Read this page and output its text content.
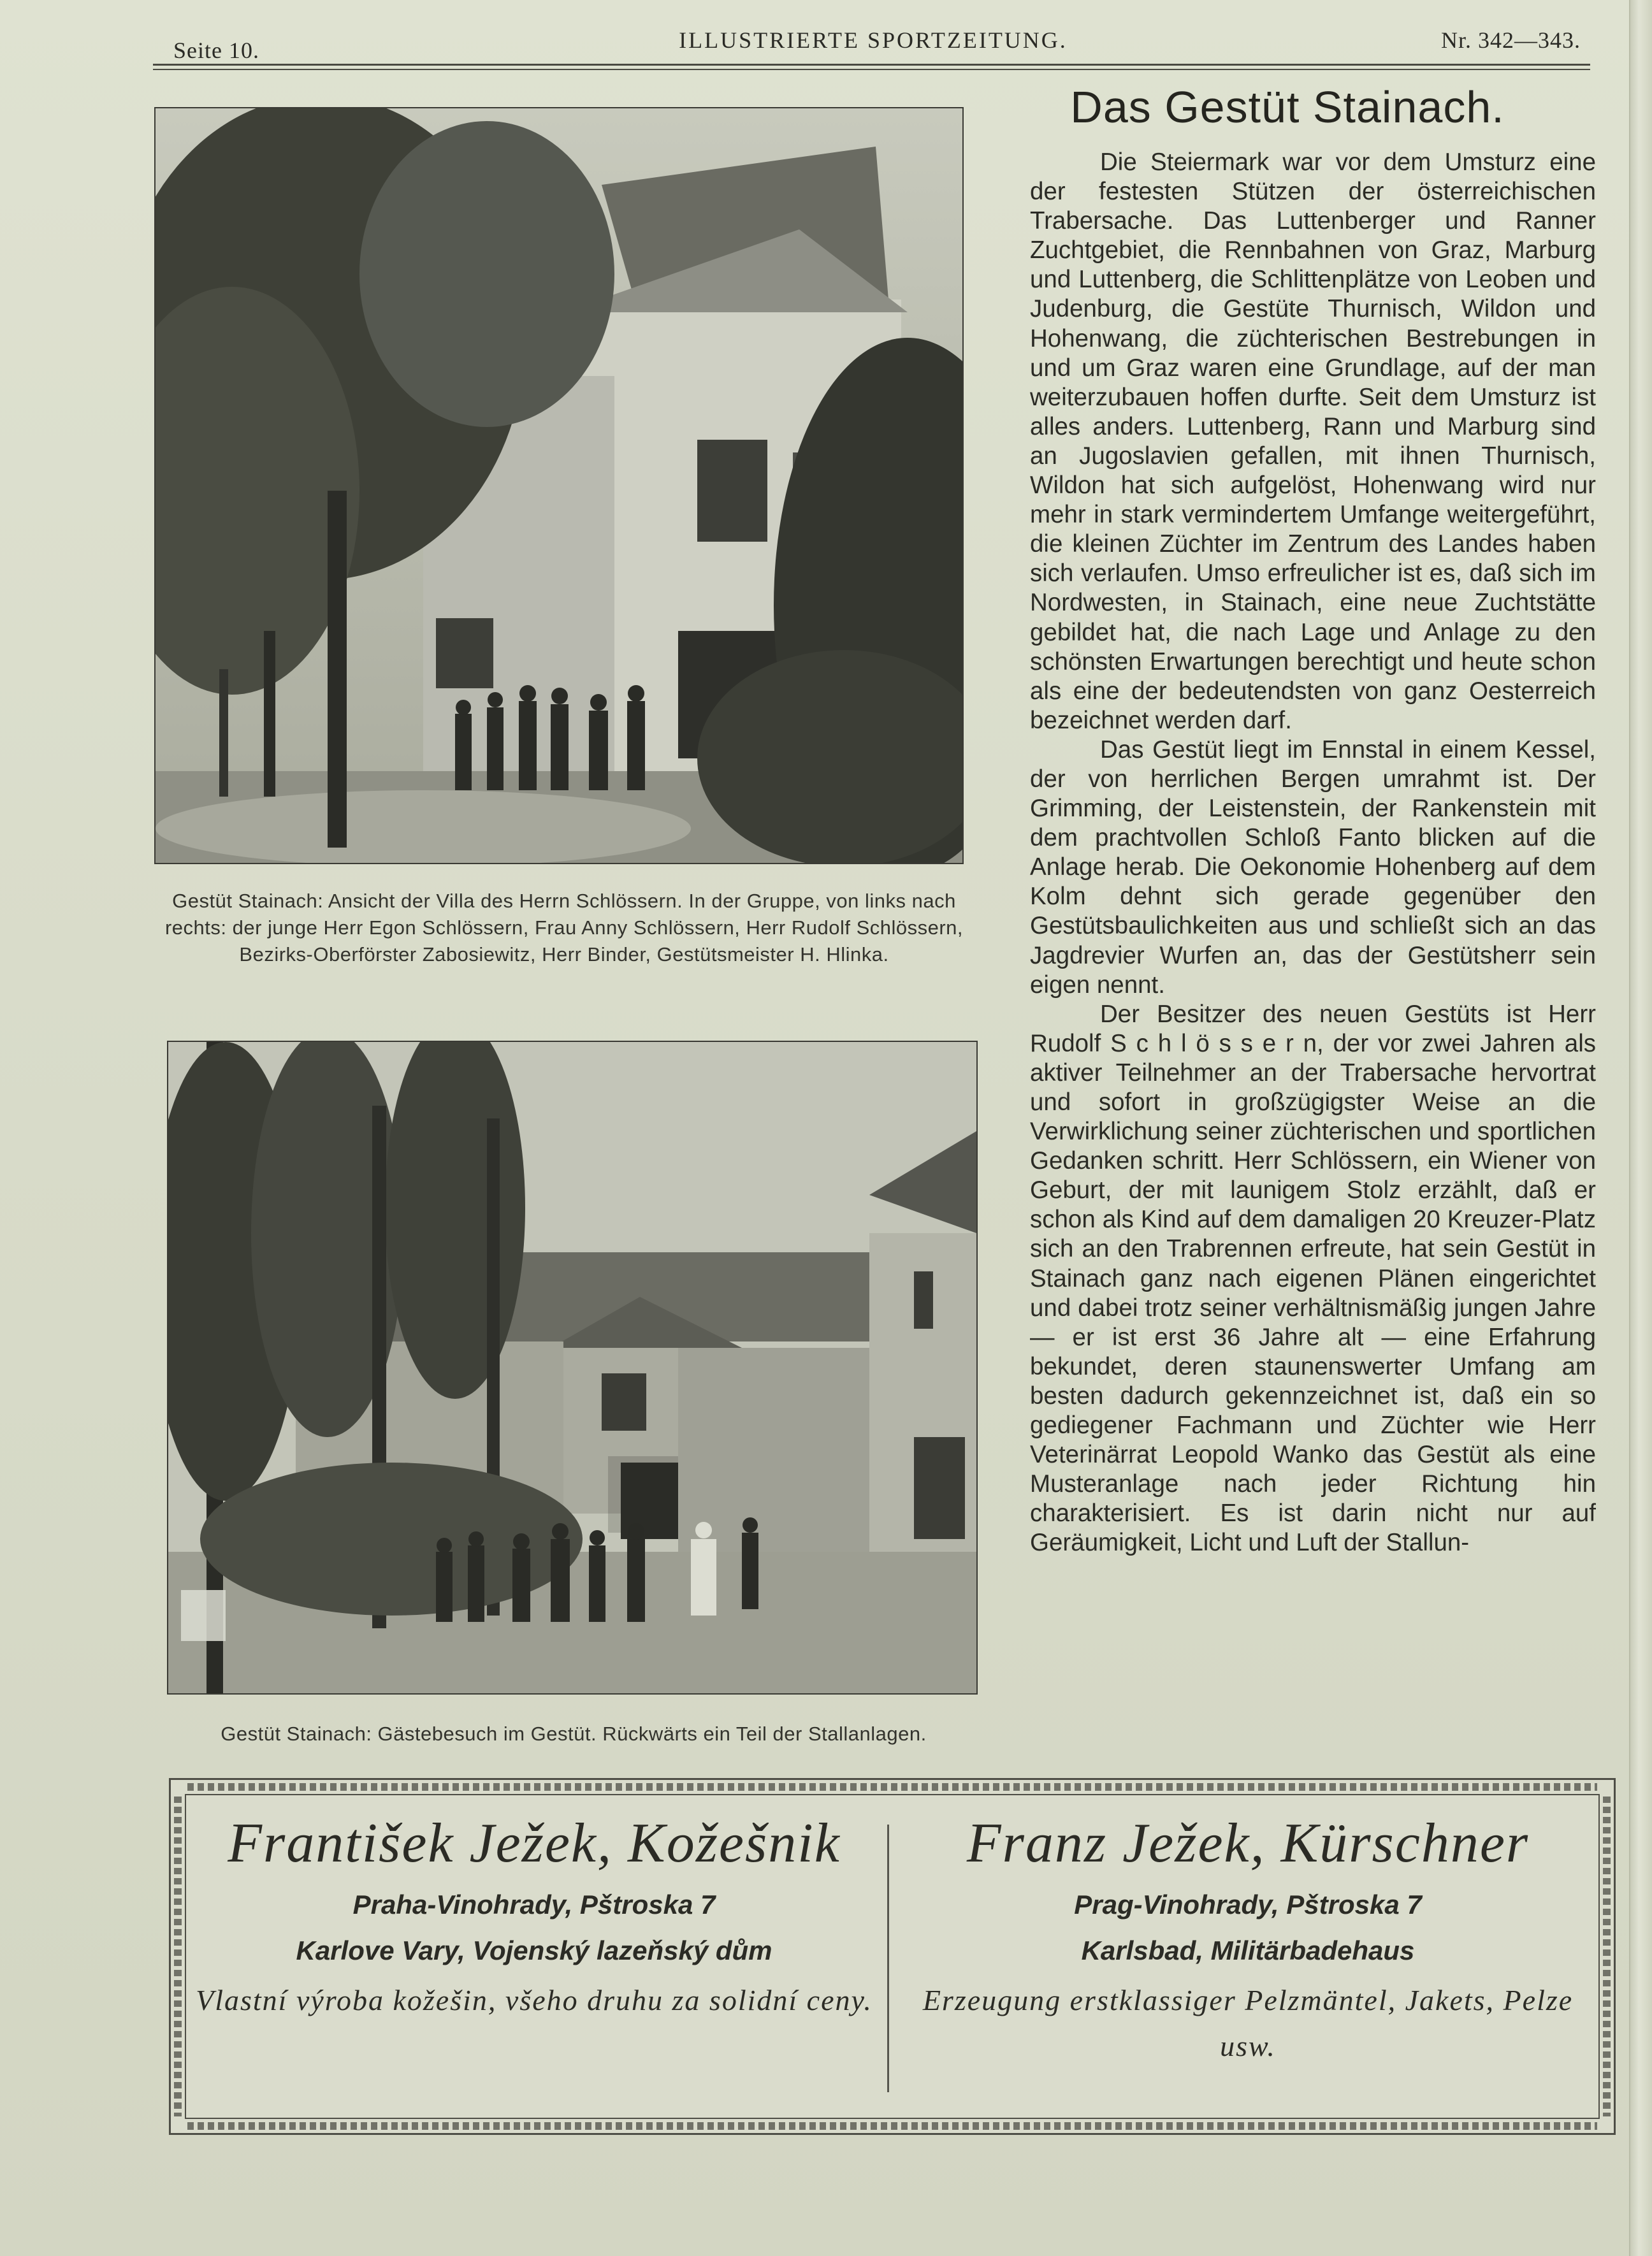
Seite 10.	ILLUSTRIERTE SPORTZEITUNG.	Nr. 342—343.
Gestüt Stainach: Ansicht der Villa des Herrn Schlössern. In der Gruppe, von links nach rechts: der junge Herr Egon Schlössern, Frau Anny Schlössern, Herr Rudolf Schlössern, Bezirks-Oberförster Zabosiewitz, Herr Binder, Gestütsmeister H. Hlinka.
Gestüt Stainach: Gästebesuch im Gestüt. Rückwärts ein Teil der Stallanlagen.
Das Gestüt Stainach.

Die Steiermark war vor dem Umsturz eine der festesten Stützen der österreichischen Trabersache. Das Luttenberger und Ranner Zuchtgebiet, die Rennbahnen von Graz, Marburg und Luttenberg, die Schlittenplätze von Leoben und Judenburg, die Gestüte Thurnisch, Wildon und Hohenwang, die züchterischen Bestrebungen in und um Graz waren eine Grundlage, auf der man weiterzubauen hoffen durfte. Seit dem Umsturz ist alles anders. Luttenberg, Rann und Marburg sind an Jugoslavien gefallen, mit ihnen Thurnisch, Wildon hat sich aufgelöst, Hohenwang wird nur mehr in stark vermindertem Umfange weitergeführt, die kleinen Züchter im Zentrum des Landes haben sich verlaufen. Umso erfreulicher ist es, daß sich im Nordwesten, in Stainach, eine neue Zuchtstätte gebildet hat, die nach Lage und Anlage zu den schönsten Erwartungen berechtigt und heute schon als eine der bedeutendsten von ganz Oesterreich bezeichnet werden darf.

Das Gestüt liegt im Ennstal in einem Kessel, der von herrlichen Bergen umrahmt ist. Der Grimming, der Leistenstein, der Rankenstein mit dem prachtvollen Schloß Fanto blicken auf die Anlage herab. Die Oekonomie Hohenberg auf dem Kolm dehnt sich gerade gegenüber den Gestütsbaulichkeiten aus und schließt sich an das Jagdrevier Wurfen an, das der Gestütsherr sein eigen nennt.

Der Besitzer des neuen Gestüts ist Herr Rudolf S c h l ö s s e r n, der vor zwei Jahren als aktiver Teilnehmer an der Trabersache hervortrat und sofort in großzügigster Weise an die Verwirklichung seiner züchterischen und sportlichen Gedanken schritt. Herr Schlössern, ein Wiener von Geburt, der mit launigem Stolz erzählt, daß er schon als Kind auf dem damaligen 20 Kreuzer-Platz sich an den Trabrennen erfreute, hat sein Gestüt in Stainach ganz nach eigenen Plänen eingerichtet und dabei trotz seiner verhältnismäßig jungen Jahre — er ist erst 36 Jahre alt — eine Erfahrung bekundet, deren staunenswerter Umfang am besten dadurch gekennzeichnet ist, daß ein so gediegener Fachmann und Züchter wie Herr Veterinärrat Leopold Wanko das Gestüt als eine Musteranlage nach jeder Richtung hin charakterisiert. Es ist darin nicht nur auf Geräumigkeit, Licht und Luft der Stallun-

František Ježek, Kožešnik
Praha-Vinohrady, Pštroska 7
Karlove Vary, Vojenský lazeňský dům
Vlastní výroba kožešin, všeho druhu za solidní ceny.
Franz Ježek, Kürschner
Prag-Vinohrady, Pštroska 7
Karlsbad, Militärbadehaus
Erzeugung erstklassiger Pelzmäntel, Jakets, Pelze usw.
